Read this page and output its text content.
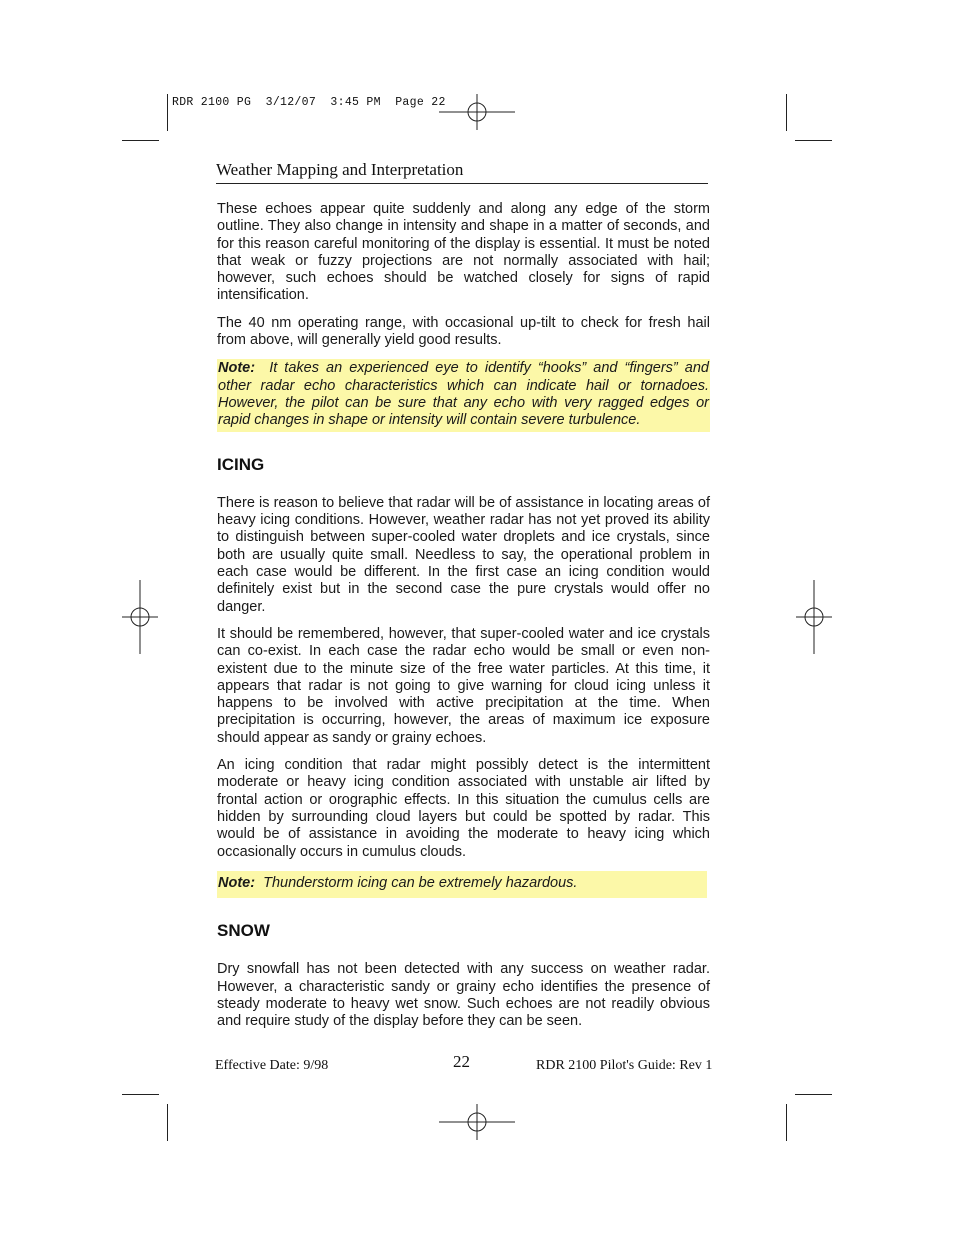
RDR 2100 PG  3/12/07  3:45 PM  Page 22
Weather Mapping and Interpretation

These echoes appear quite suddenly and along any edge of the storm outline. They also change in intensity and shape in a matter of seconds, and for this reason careful monitoring of the display is essential. It must be noted that weak or fuzzy projections are not normally associated with hail; however, such echoes should be watched closely for signs of rapid intensification.

The 40 nm operating range, with occasional up-tilt to check for fresh hail from above, will generally yield good results.

Note: It takes an experienced eye to identify “hooks” and “fingers” and other radar echo characteristics which can indicate hail or tornadoes. However, the pilot can be sure that any echo with very ragged edges or rapid changes in shape or intensity will contain severe turbulence.
ICING

There is reason to believe that radar will be of assistance in locating areas of heavy icing conditions. However, weather radar has not yet proved its ability to distinguish between super-cooled water droplets and ice crystals, since both are usually quite small. Needless to say, the operational problem in each case would be different. In the first case an icing condition would definitely exist but in the second case the pure crystals would offer no danger.

It should be remembered, however, that super-cooled water and ice crystals can co-exist. In each case the radar echo would be small or even non-existent due to the minute size of the free water particles. At this time, it appears that radar is not going to give warning for cloud icing unless it happens to be involved with active precipitation at the time. When precipitation is occurring, however, the areas of maximum ice exposure should appear as sandy or grainy echoes.

An icing condition that radar might possibly detect is the intermittent moderate or heavy icing condition associated with unstable air lifted by frontal action or orographic effects. In this situation the cumulus cells are hidden by surrounding cloud layers but could be spotted by radar. This would be of assistance in avoiding the moderate to heavy icing which occasionally occurs in cumulus clouds.

Note: Thunderstorm icing can be extremely hazardous.
SNOW

Dry snowfall has not been detected with any success on weather radar. However, a characteristic sandy or grainy echo identifies the presence of steady moderate to heavy wet snow. Such echoes are not readily obvious and require study of the display before they can be seen.

Effective Date: 9/98	22	RDR 2100 Pilot's Guide: Rev 1
